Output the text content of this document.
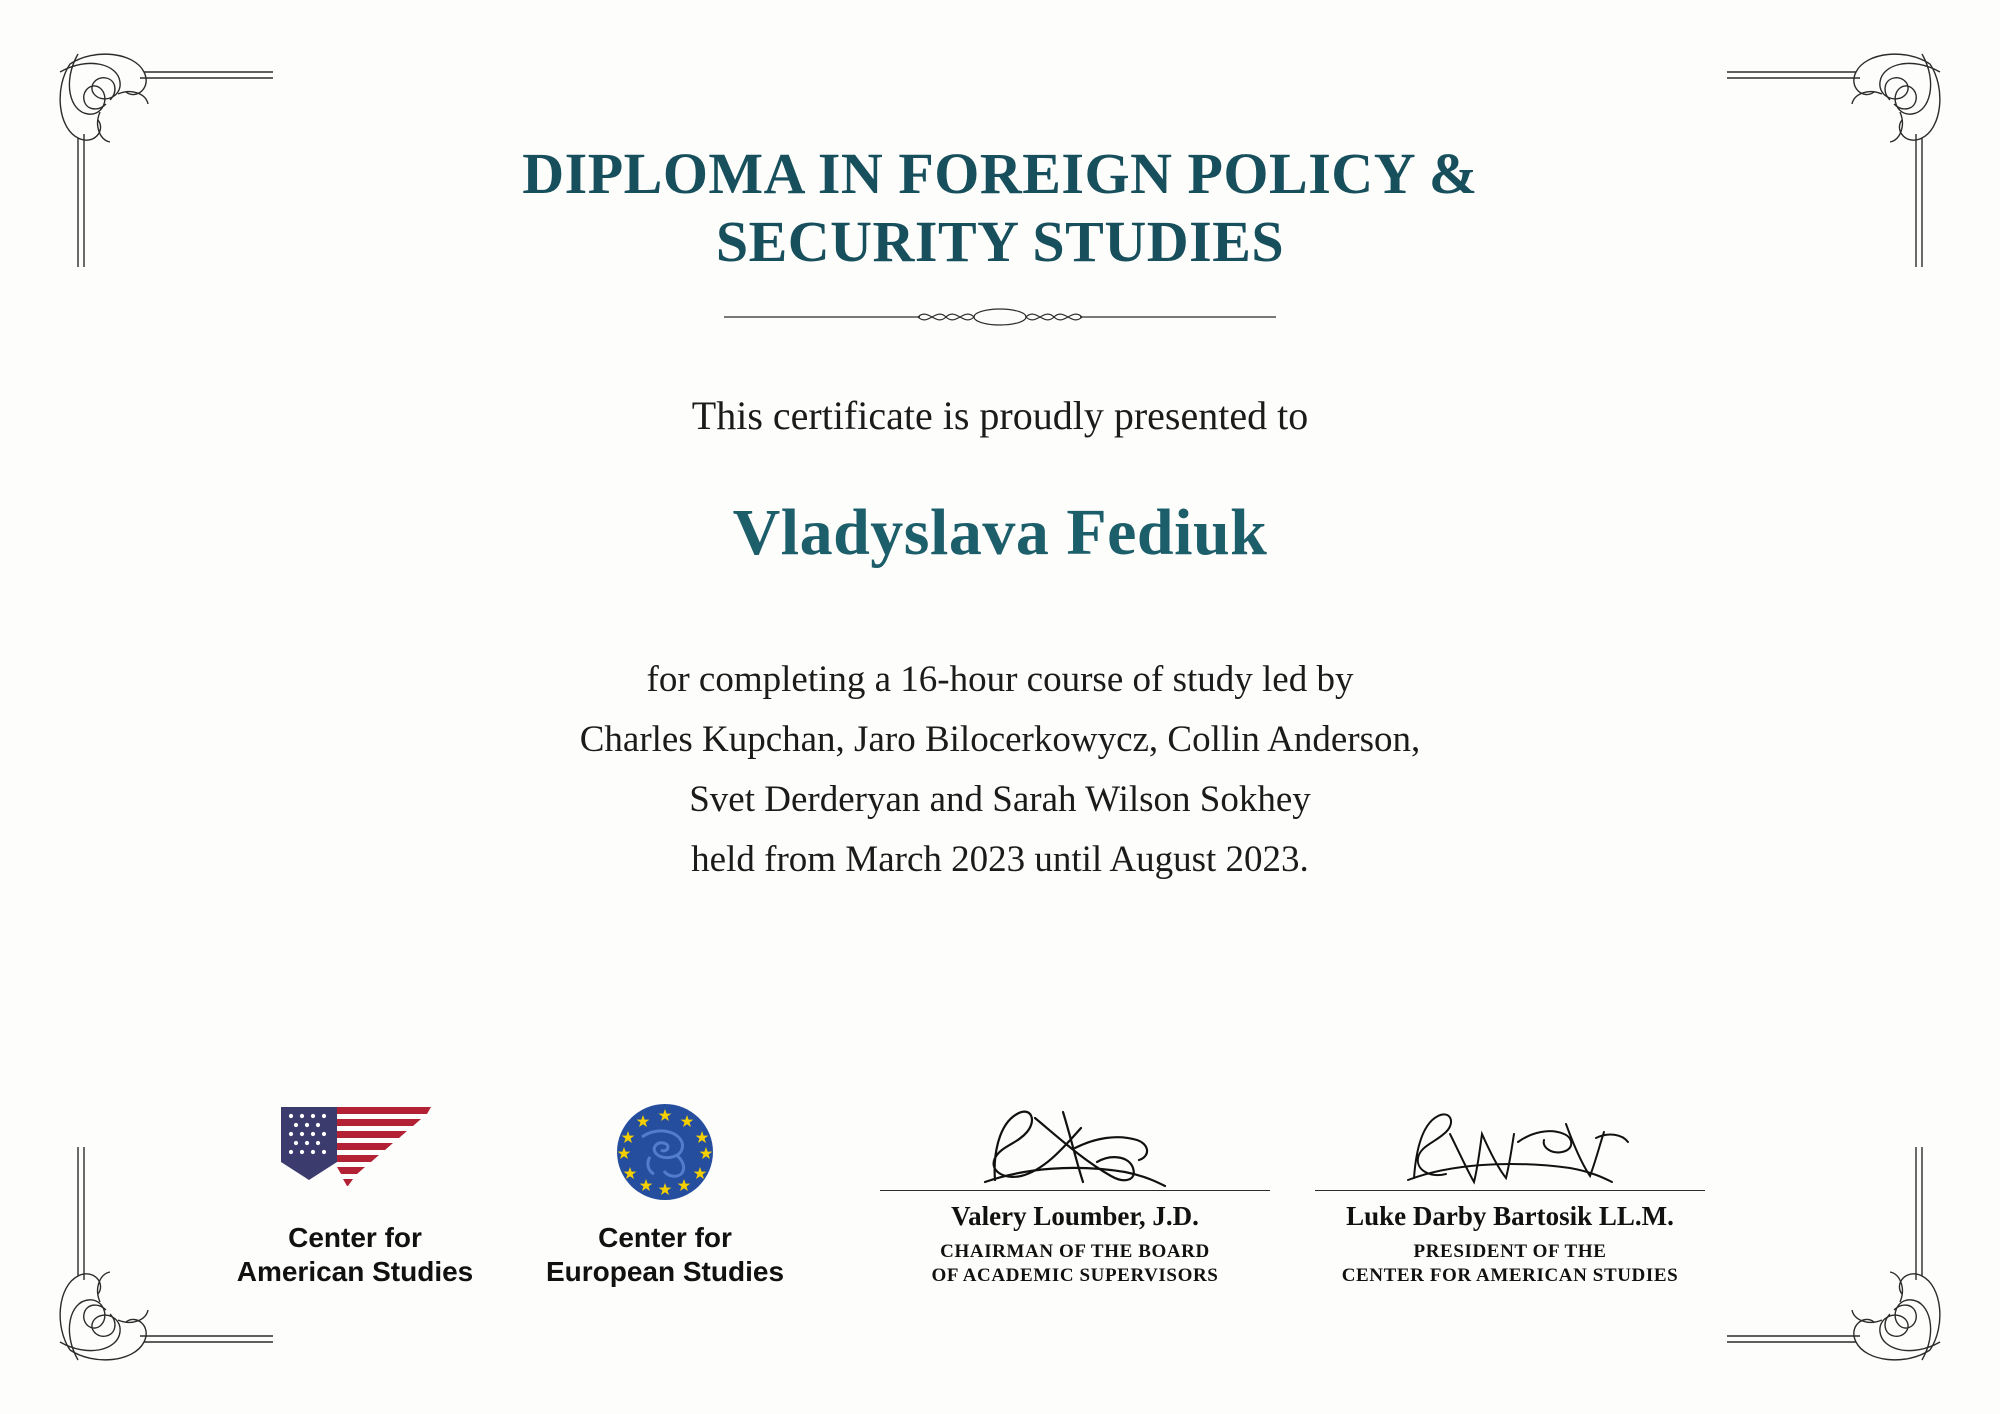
DIPLOMA IN FOREIGN POLICY &
SECURITY STUDIES
This certificate is proudly presented to
Vladyslava Fediuk
for completing a 16-hour course of study led by
Charles Kupchan, Jaro Bilocerkowycz, Collin Anderson,
Svet Derderyan and Sarah Wilson Sokhey
held from March 2023 until August 2023.
Center for
American Studies
Center for
European Studies
Valery Loumber, J.D.
CHAIRMAN OF THE BOARD
OF ACADEMIC SUPERVISORS
Luke Darby Bartosik LL.M.
PRESIDENT OF THE
CENTER FOR AMERICAN STUDIES
